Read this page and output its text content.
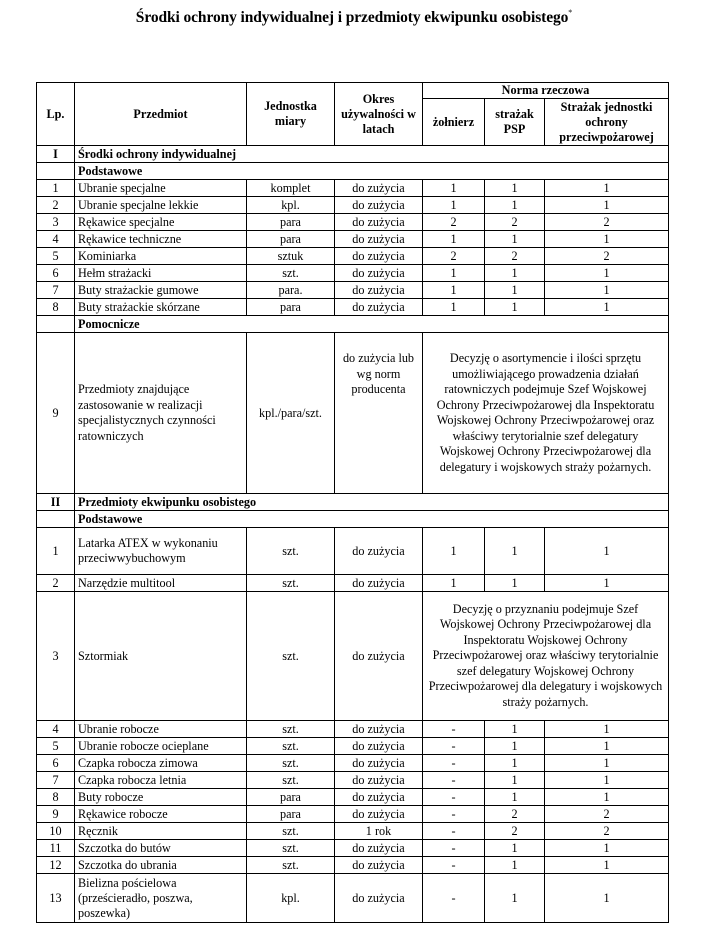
Środki ochrony indywidualnej i przedmioty ekwipunku osobistego*
Lp.	Przedmiot	Jednostka miary	Okres używalności w latach	Norma rzeczowa		
				żołnierz	strażak PSP	Strażak jednostki ochrony przeciwpożarowej
I	Środki ochrony indywidualnej					
	Podstawowe					
1	Ubranie specjalne	komplet	do zużycia	1	1	1
2	Ubranie specjalne lekkie	kpl.	do zużycia	1	1	1
3	Rękawice specjalne	para	do zużycia	2	2	2
4	Rękawice techniczne	para	do zużycia	1	1	1
5	Kominiarka	sztuk	do zużycia	2	2	2
6	Hełm strażacki	szt.	do zużycia	1	1	1
7	Buty strażackie gumowe	para.	do zużycia	1	1	1
8	Buty strażackie skórzane	para	do zużycia	1	1	1
	Pomocnicze					
9	Przedmioty znajdujące zastosowanie w realizacji specjalistycznych czynności ratowniczych	kpl./para/szt.	do zużycia lub wg norm producenta	Decyzję o asortymencie i ilości sprzętu umożliwiającego prowadzenia działań ratowniczych podejmuje Szef Wojskowej Ochrony Przeciwpożarowej dla Inspektoratu Wojskowej Ochrony Przeciwpożarowej oraz właściwy terytorialnie szef delegatury Wojskowej Ochrony Przeciwpożarowej dla delegatury i wojskowych straży pożarnych.		
II	Przedmioty ekwipunku osobistego					
	Podstawowe					
1	Latarka ATEX w wykonaniu przeciwwybuchowym	szt.	do zużycia	1	1	1
2	Narzędzie multitool	szt.	do zużycia	1	1	1
3	Sztormiak	szt.	do zużycia	Decyzję o przyznaniu podejmuje Szef Wojskowej Ochrony Przeciwpożarowej dla Inspektoratu Wojskowej Ochrony Przeciwpożarowej oraz właściwy terytorialnie szef delegatury Wojskowej Ochrony Przeciwpożarowej dla delegatury i wojskowych straży pożarnych.		
4	Ubranie robocze	szt.	do zużycia	-	1	1
5	Ubranie robocze ocieplane	szt.	do zużycia	-	1	1
6	Czapka robocza zimowa	szt.	do zużycia	-	1	1
7	Czapka robocza letnia	szt.	do zużycia	-	1	1
8	Buty robocze	para	do zużycia	-	1	1
9	Rękawice robocze	para	do zużycia	-	2	2
10	Ręcznik	szt.	1 rok	-	2	2
11	Szczotka do butów	szt.	do zużycia	-	1	1
12	Szczotka do ubrania	szt.	do zużycia	-	1	1
13	Bielizna pościelowa (prześcieradło, poszwa, poszewka)	kpl.	do zużycia	-	1	1
